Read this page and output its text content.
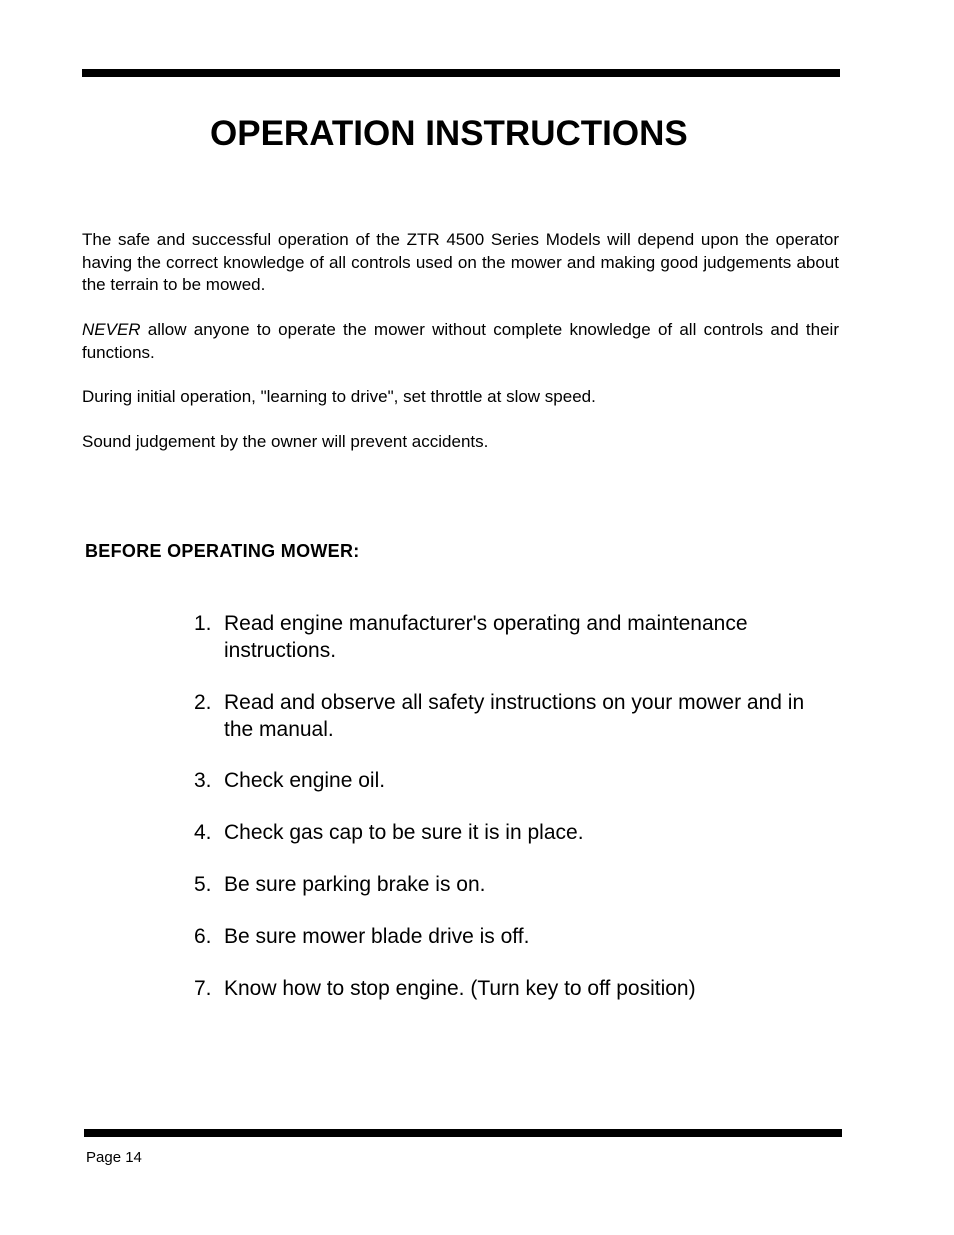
OPERATION INSTRUCTIONS

The safe and successful operation of the ZTR 4500 Series Models will depend upon the operator having the correct knowledge of all controls used on the mower and making good judgements about the terrain to be mowed.

NEVER allow anyone to operate the mower without complete knowledge of all controls and their functions.

During initial operation, "learning to drive", set throttle at slow speed.

Sound judgement by the owner will prevent accidents.

BEFORE OPERATING MOWER:
1. Read engine manufacturer's operating and maintenance instructions.
2. Read and observe all safety instructions on your mower and in the manual.
3. Check engine oil.
4. Check gas cap to be sure it is in place.
5. Be sure parking brake is on.
6. Be sure mower blade drive is off.
7. Know how to stop engine. (Turn key to off position)

Page 14
